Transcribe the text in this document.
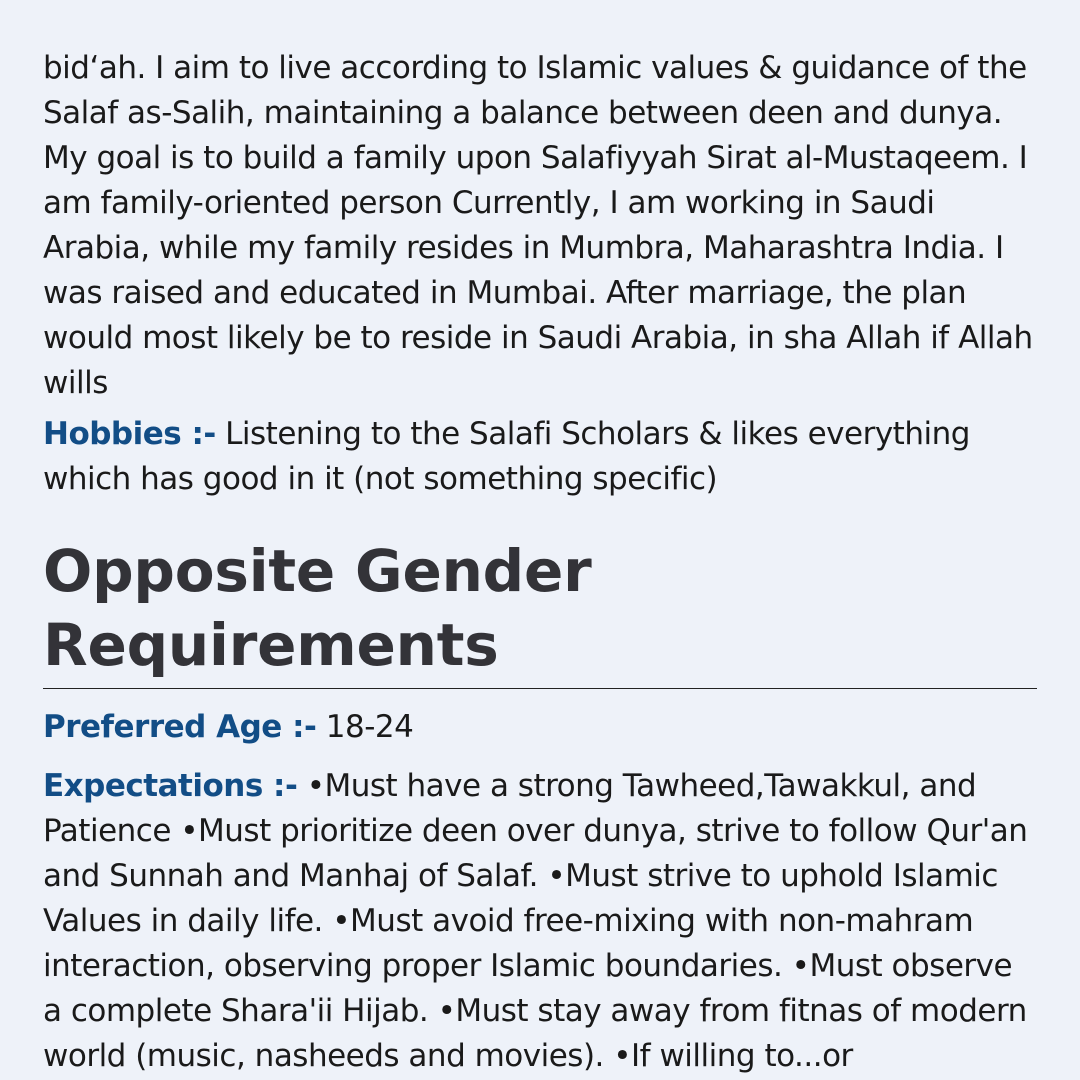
bid‘ah. I aim to live according to Islamic values & guidance of the Salaf as-Salih, maintaining a balance between deen and dunya. My goal is to build a family upon Salafiyyah Sirat al-Mustaqeem. I am family-oriented person Currently, I am working in Saudi Arabia, while my family resides in Mumbra, Maharashtra India. I was raised and educated in Mumbai. After marriage, the plan would most likely be to reside in Saudi Arabia, in sha Allah if Allah wills

Hobbies :- Listening to the Salafi Scholars & likes everything which has good in it (not something specific)

Opposite Gender Requirements

Preferred Age :- 18-24

Expectations :- •Must have a strong Tawheed,Tawakkul, and Patience •Must prioritize deen over dunya, strive to follow Qur'an and Sunnah and Manhaj of Salaf. •Must strive to uphold Islamic Values in daily life. •Must avoid free-mixing with non-mahram interaction, observing proper Islamic boundaries. •Must observe a complete Shara'ii Hijab. •Must stay away from fitnas of modern world (music, nasheeds and movies). •If willing to...or
